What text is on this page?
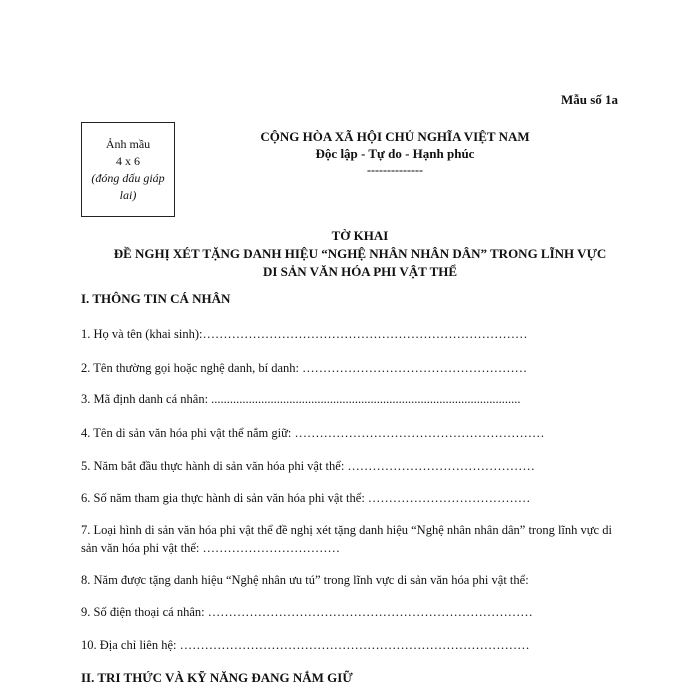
Mẫu số 1a
Ảnh mầu
4 x 6
(đóng dấu giáp
lai)
CỘNG HÒA XÃ HỘI CHỦ NGHĨA VIỆT NAM
Độc lập - Tự do - Hạnh phúc
--------------
TỜ KHAI
ĐỀ NGHỊ XÉT TẶNG DANH HIỆU “NGHỆ NHÂN NHÂN DÂN” TRONG LĨNH VỰC
DI SẢN VĂN HÓA PHI VẬT THỂ
I. THÔNG TIN CÁ NHÂN
1. Họ và tên (khai sinh):……………………………………………………………………
2. Tên thường gọi hoặc nghệ danh, bí danh: ………………………………………………
3. Mã định danh cá nhân: ...................................................................................................
4. Tên di sản văn hóa phi vật thể nắm giữ: ……………………………………………………
5. Năm bắt đầu thực hành di sản văn hóa phi vật thể: ………………………………………
6. Số năm tham gia thực hành di sản văn hóa phi vật thể: …………………………………
7. Loại hình di sản văn hóa phi vật thể đề nghị xét tặng danh hiệu “Nghệ nhân nhân dân” trong lĩnh vực di sản văn hóa phi vật thể: ……………………………
8. Năm được tặng danh hiệu “Nghệ nhân ưu tú” trong lĩnh vực di sản văn hóa phi vật thể:
9. Số điện thoại cá nhân: ……………………………………………………………………
10. Địa chỉ liên hệ: …………………………………………………………………………
II. TRI THỨC VÀ KỸ NĂNG ĐANG NẮM GIỮ
